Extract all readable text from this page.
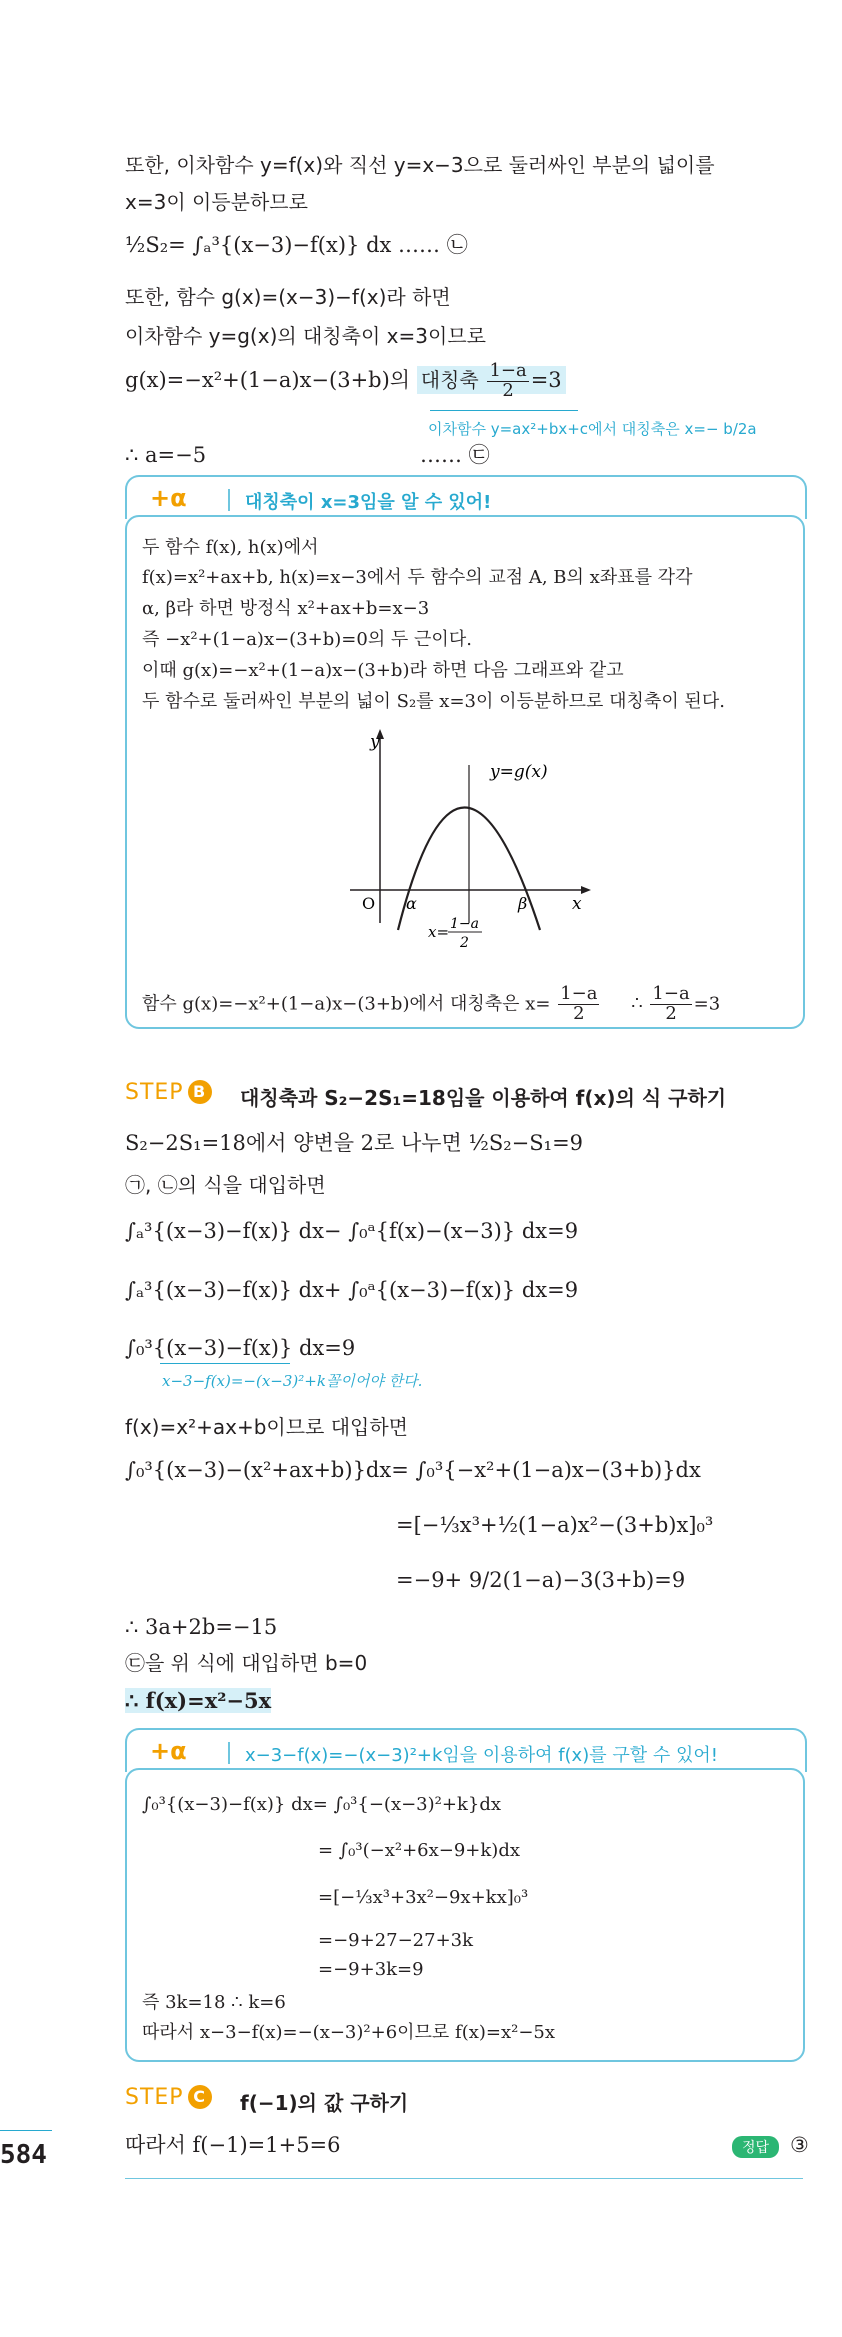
또한, 이차함수 y=f(x)와 직선 y=x−3으로 둘러싸인 부분의 넓이를
x=3이 이등분하므로
½S₂= ∫ₐ³{(x−3)−f(x)} dx …… ㉡
또한, 함수 g(x)=(x−3)−f(x)라 하면
이차함수 y=g(x)의 대칭축이 x=3이므로
g(x)=−x²+(1−a)x−(3+b)의 대칭축 $\frac{1-a}{2} =3$
이차함수 y=ax²+bx+c에서 대칭축은 x=− b/2a
∴ a=−5	…… ㉢
+α	대칭축이 x=3임을 알 수 있어!
두 함수 f(x), h(x)에서
f(x)=x²+ax+b, h(x)=x−3에서 두 함수의 교점 A, B의 x좌표를 각각
α, β라 하면 방정식 x²+ax+b=x−3
즉 −x²+(1−a)x−(3+b)=0의 두 근이다.
이때 g(x)=−x²+(1−a)x−(3+b)라 하면 다음 그래프와 같고
두 함수로 둘러싸인 부분의 넓이 S₂를 x=3이 이등분하므로 대칭축이 된다.
y
x
O
y=g(x)
α	β
x= 1−a
2
함수 g(x)=−x²+(1−a)x−(3+b)에서 대칭축은 $x= \frac{1-a}{2}$ ∴ $\frac{1-a}{2} =3$
STEP B 대칭축과 S₂−2S₁=18임을 이용하여 f(x)의 식 구하기
S₂−2S₁=18에서 양변을 2로 나누면 ½S₂−S₁=9
㉠, ㉡의 식을 대입하면
∫ₐ³{(x−3)−f(x)} dx− ∫₀ᵃ{f(x)−(x−3)} dx=9
∫ₐ³{(x−3)−f(x)} dx+ ∫₀ᵃ{(x−3)−f(x)} dx=9
∫₀³{(x−3)−f(x)} dx=9
x−3−f(x)=−(x−3)²+k꼴이어야 한다.
f(x)=x²+ax+b이므로 대입하면
∫₀³{(x−3)−(x²+ax+b)}dx= ∫₀³{−x²+(1−a)x−(3+b)}dx
=[−⅓x³+½(1−a)x²−(3+b)x]₀³
=−9+ 9/2(1−a)−3(3+b)=9
∴ 3a+2b=−15
㉢을 위 식에 대입하면 b=0
∴ f(x)=x²−5x
+α	x−3−f(x)=−(x−3)²+k임을 이용하여 f(x)를 구할 수 있어!
∫₀³{(x−3)−f(x)} dx= ∫₀³{−(x−3)²+k}dx
= ∫₀³(−x²+6x−9+k)dx
=[−⅓x³+3x²−9x+kx]₀³
=−9+27−27+3k
=−9+3k=9
즉 3k=18 ∴ k=6
따라서 x−3−f(x)=−(x−3)²+6이므로 f(x)=x²−5x
STEP C f(−1)의 값 구하기
따라서 f(−1)=1+5=6	정답 ③
584
